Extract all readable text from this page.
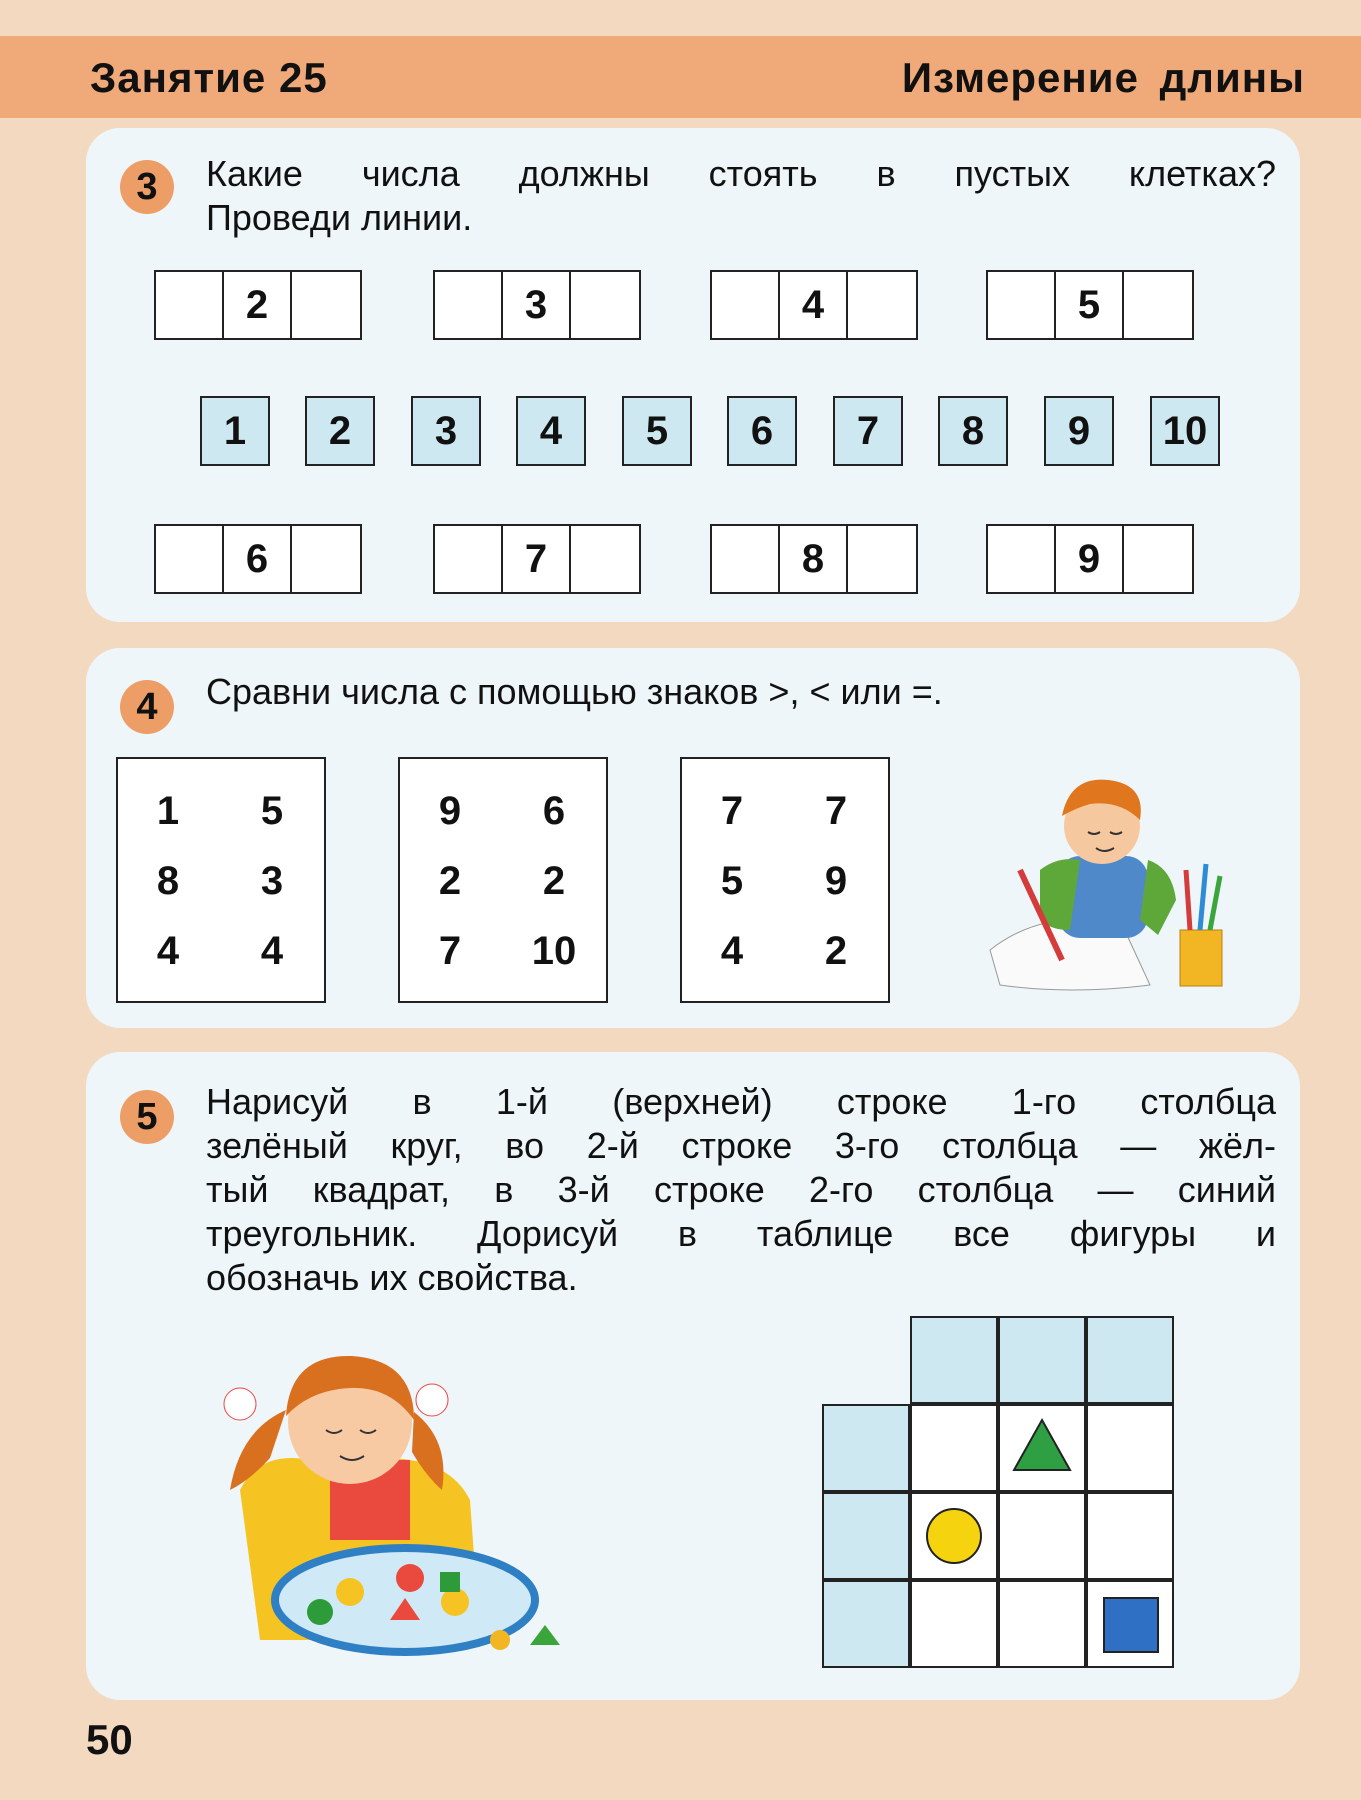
Занятие 25	Измерение длины
3	Какие числа должны стоять в пустых клетках?
Проведи линии.
2	3	4	5
1	2	3	4	5	6	7	8	9	10
6	7	8	9
4	Сравни числа с помощью знаков >, < или =.
1	5
8	3
4	4
9	6
2	2
7	10
7	7
5	9
4	2
5	Нарисуй в 1-й (верхней) строке 1-го столбца
зелёный круг, во 2-й строке 3-го столбца — жёл-
тый квадрат, в 3-й строке 2-го столбца — синий
треугольник. Дорисуй в таблице все фигуры и
обозначь их свойства.
50
